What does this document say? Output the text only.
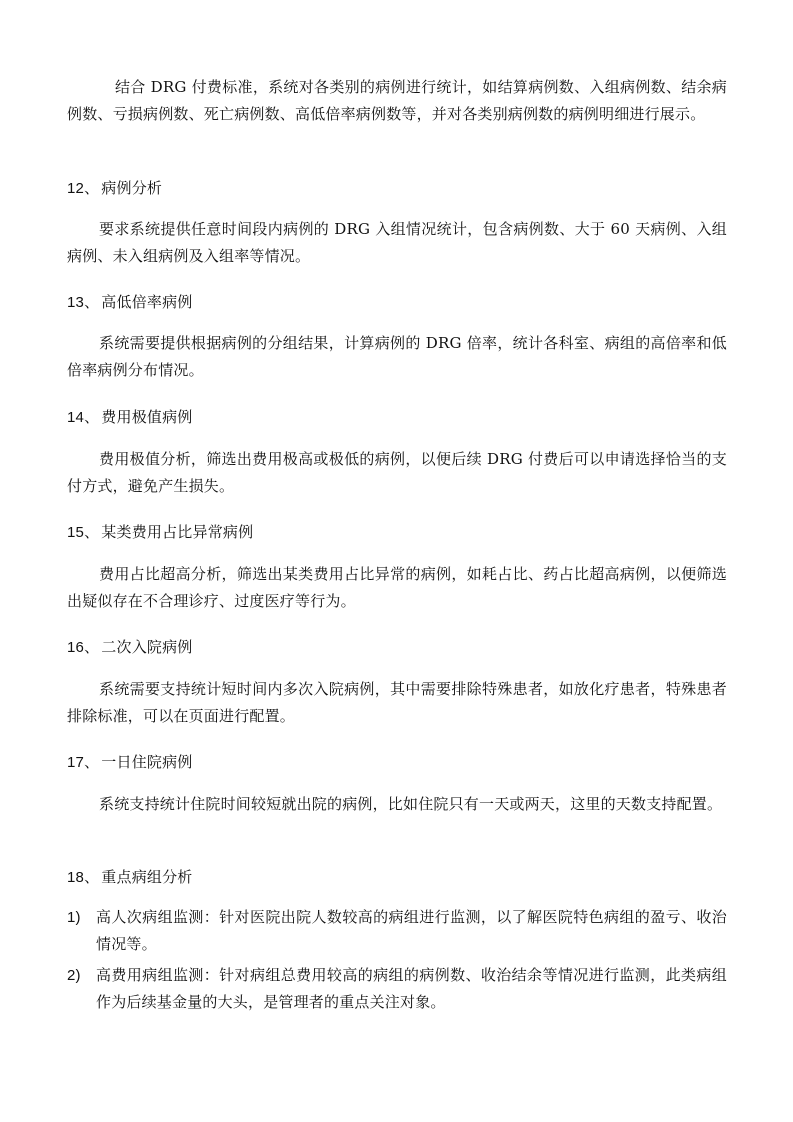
结合 DRG 付费标准，系统对各类别的病例进行统计，如结算病例数、入组病例数、结余病例数、亏损病例数、死亡病例数、高低倍率病例数等，并对各类别病例数的病例明细进行展示。
12、 病例分析
要求系统提供任意时间段内病例的 DRG 入组情况统计，包含病例数、大于 60 天病例、入组病例、未入组病例及入组率等情况。
13、 高低倍率病例
系统需要提供根据病例的分组结果，计算病例的 DRG 倍率，统计各科室、病组的高倍率和低倍率病例分布情况。
14、 费用极值病例
费用极值分析，筛选出费用极高或极低的病例，以便后续 DRG 付费后可以申请选择恰当的支付方式，避免产生损失。
15、 某类费用占比异常病例
费用占比超高分析，筛选出某类费用占比异常的病例，如耗占比、药占比超高病例，以便筛选出疑似存在不合理诊疗、过度医疗等行为。
16、 二次入院病例
系统需要支持统计短时间内多次入院病例，其中需要排除特殊患者，如放化疗患者，特殊患者排除标准，可以在页面进行配置。
17、 一日住院病例
系统支持统计住院时间较短就出院的病例，比如住院只有一天或两天，这里的天数支持配置。
18、 重点病组分析
1)	高人次病组监测：针对医院出院人数较高的病组进行监测，以了解医院特色病组的盈亏、收治情况等。
2)	高费用病组监测：针对病组总费用较高的病组的病例数、收治结余等情况进行监测，此类病组作为后续基金量的大头，是管理者的重点关注对象。
